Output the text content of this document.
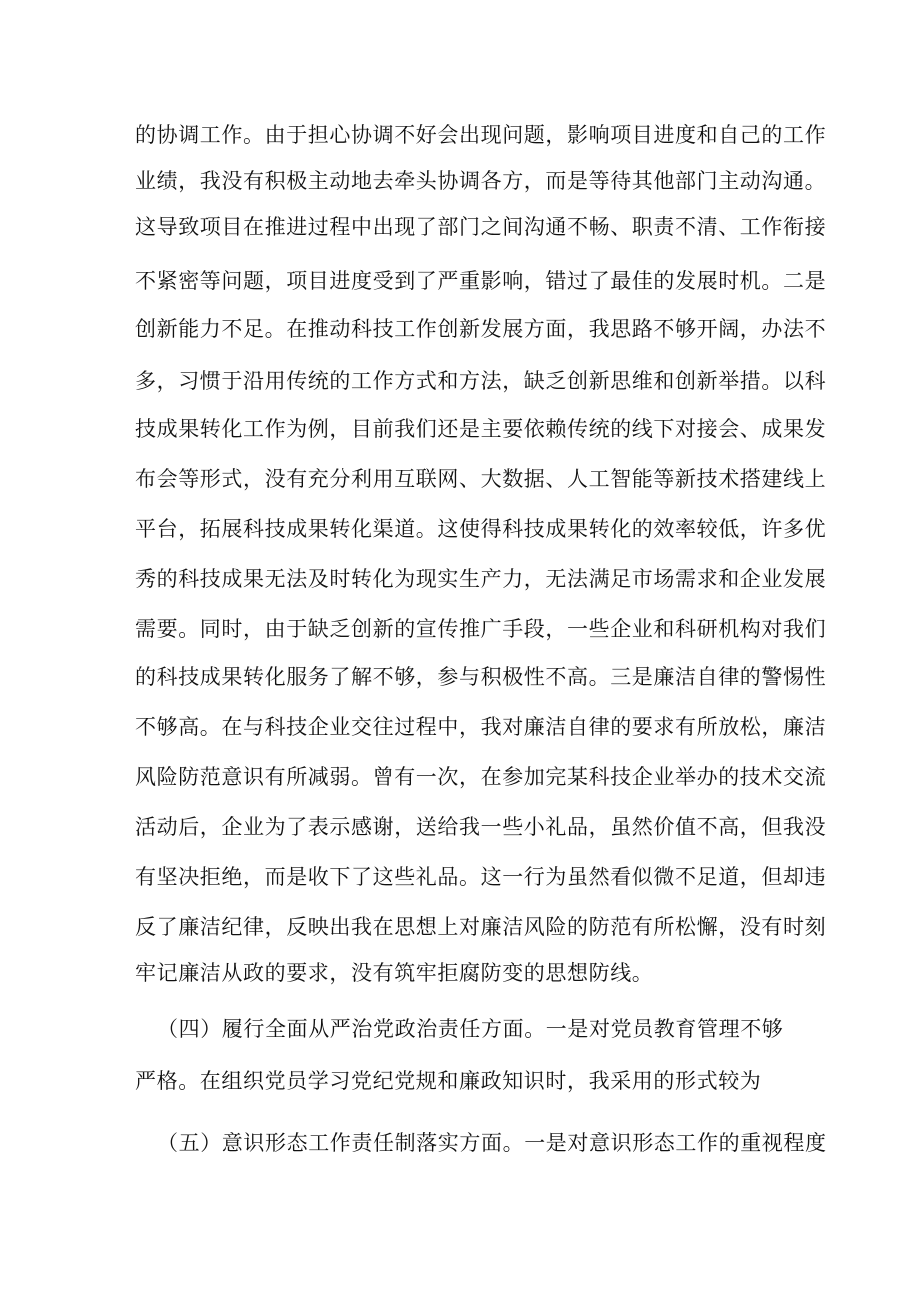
的协调工作。由于担心协调不好会出现问题，影响项目进度和自己的工作

业绩，我没有积极主动地去牵头协调各方，而是等待其他部门主动沟通。

这导致项目在推进过程中出现了部门之间沟通不畅、职责不清、工作衔接

不紧密等问题，项目进度受到了严重影响，错过了最佳的发展时机。二是

创新能力不足。在推动科技工作创新发展方面，我思路不够开阔，办法不

多，习惯于沿用传统的工作方式和方法，缺乏创新思维和创新举措。以科

技成果转化工作为例，目前我们还是主要依赖传统的线下对接会、成果发

布会等形式，没有充分利用互联网、大数据、人工智能等新技术搭建线上

平台，拓展科技成果转化渠道。这使得科技成果转化的效率较低，许多优

秀的科技成果无法及时转化为现实生产力，无法满足市场需求和企业发展

需要。同时，由于缺乏创新的宣传推广手段，一些企业和科研机构对我们

的科技成果转化服务了解不够，参与积极性不高。三是廉洁自律的警惕性

不够高。在与科技企业交往过程中，我对廉洁自律的要求有所放松，廉洁

风险防范意识有所减弱。曾有一次，在参加完某科技企业举办的技术交流

活动后，企业为了表示感谢，送给我一些小礼品，虽然价值不高，但我没

有坚决拒绝，而是收下了这些礼品。这一行为虽然看似微不足道，但却违

反了廉洁纪律，反映出我在思想上对廉洁风险的防范有所松懈，没有时刻

牢记廉洁从政的要求，没有筑牢拒腐防变的思想防线。

（四）履行全面从严治党政治责任方面。一是对党员教育管理不够

严格。在组织党员学习党纪党规和廉政知识时，我采用的形式较为

（五）意识形态工作责任制落实方面。一是对意识形态工作的重视程度
